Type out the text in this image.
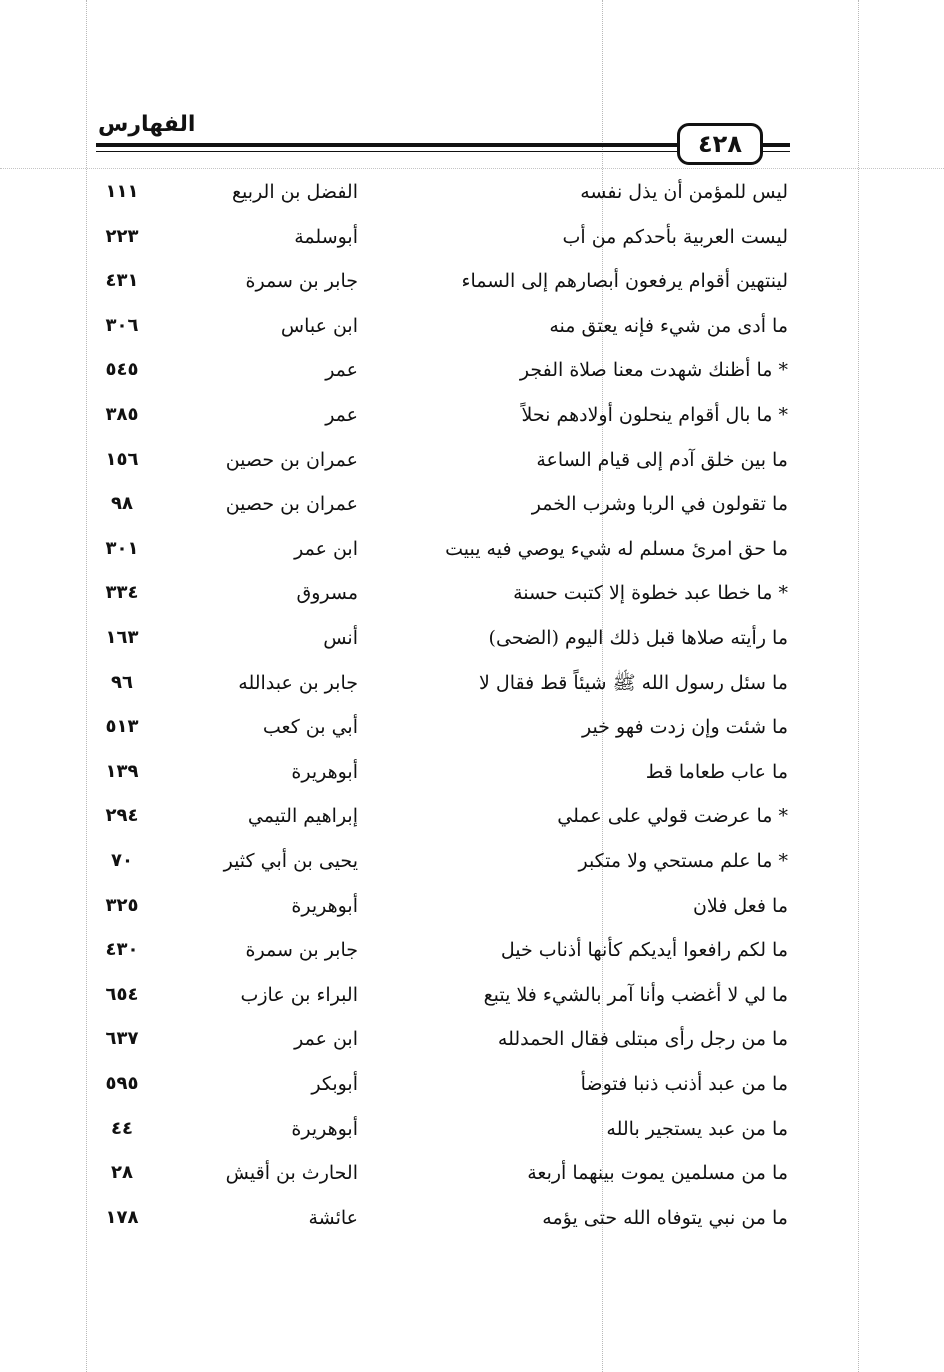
الفهارس
٤٢٨
ليس للمؤمن أن يذل نفسه
الفضل بن الربيع
١١١
ليست العربية بأحدكم من أب
أبوسلمة
٢٢٣
لينتهين أقوام يرفعون أبصارهم إلى السماء
جابر بن سمرة
٤٣١
ما أدى من شيء فإنه يعتق منه
ابن عباس
٣٠٦
* ما أظنك شهدت معنا صلاة الفجر
عمر
٥٤٥
* ما بال أقوام ينحلون أولادهم نحلاً
عمر
٣٨٥
ما بين خلق آدم إلى قيام الساعة
عمران بن حصين
١٥٦
ما تقولون في الربا وشرب الخمر
عمران بن حصين
٩٨
ما حق امرئ مسلم له شيء يوصي فيه يبيت
ابن عمر
٣٠١
* ما خطا عبد خطوة إلا كتبت حسنة
مسروق
٣٣٤
ما رأيته صلاها قبل ذلك اليوم (الضحى)
أنس
١٦٣
ما سئل رسول الله ﷺ شيئاً قط فقال لا
جابر بن عبدالله
٩٦
ما شئت وإن زدت فهو خير
أبي بن كعب
٥١٣
ما عاب طعاما قط
أبوهريرة
١٣٩
* ما عرضت قولي على عملي
إبراهيم التيمي
٢٩٤
* ما علم مستحي ولا متكبر
يحيى بن أبي كثير
٧٠
ما فعل فلان
أبوهريرة
٣٢٥
ما لكم رافعوا أيديكم كأنها أذناب خيل
جابر بن سمرة
٤٣٠
ما لي لا أغضب وأنا آمر بالشيء فلا يتبع
البراء بن عازب
٦٥٤
ما من رجل رأى مبتلى فقال الحمدلله
ابن عمر
٦٣٧
ما من عبد أذنب ذنبا فتوضأ
أبوبكر
٥٩٥
ما من عبد يستجير بالله
أبوهريرة
٤٤
ما من مسلمين يموت بينهما أربعة
الحارث بن أقيش
٢٨
ما من نبي يتوفاه الله حتى يؤمه
عائشة
١٧٨
